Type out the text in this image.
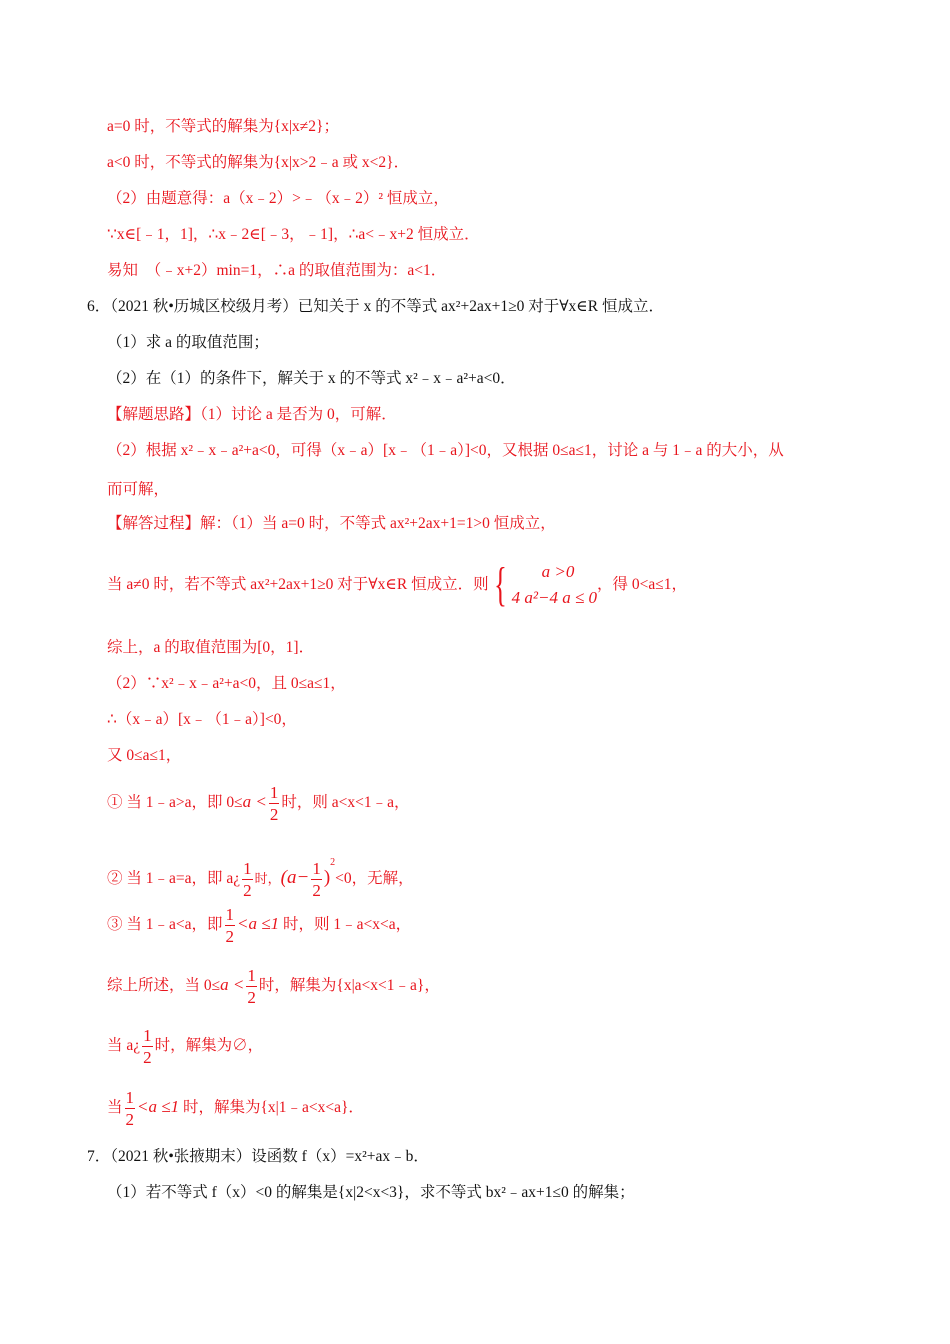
a=0 时，不等式的解集为{x|x≠2}；
a<0 时，不等式的解集为{x|x>2﹣a 或 x<2}．
（2）由题意得：a（x﹣2）>﹣（x﹣2）² 恒成立，
∵x∈[﹣1，1]，∴x﹣2∈[﹣3，﹣1]，∴a<﹣x+2 恒成立．
易知　（﹣x+2）min=1，∴a 的取值范围为：a<1．
6．（2021 秋•历城区校级月考）已知关于 x 的不等式 ax²+2ax+1≥0 对于∀x∈R 恒成立．
（1）求 a 的取值范围；
（2）在（1）的条件下，解关于 x 的不等式 x²﹣x﹣a²+a<0．
【解题思路】（1）讨论 a 是否为 0，可解．
（2）根据 x²﹣x﹣a²+a<0，可得（x﹣a）[x﹣（1﹣a）]<0，又根据 0≤a≤1，讨论 a 与 1﹣a 的大小，从
而可解，
【解答过程】解：（1）当 a=0 时，不等式 ax²+2ax+1=1>0 恒成立，
当 a≠0 时，若不等式 ax²+2ax+1≥0 对于∀x∈R 恒成立．则 {	a >0
4 a²−4 a ≤ 0
，得 0<a≤1，
综上，a 的取值范围为[0，1]．
（2）∵x²﹣x﹣a²+a<0，且 0≤a≤1，
∴（x﹣a）[x﹣（1﹣a）]<0，
又 0≤a≤1，
① 当 1﹣a>a，即 $0\le a < \frac{1}{2}$ 时，则 a<x<1﹣a，
② 当 1﹣a=a，即 a¿ $\frac{1}{2}$ 时，$(a- \frac{1}{2} )^2<0$，无解，
③ 当 1﹣a<a，即 $\frac{1}{2} <a \le 1$ 时，则 1﹣a<x<a，
综上所述，当 $0\le a < \frac{1}{2}$ 时，解集为{x|a<x<1﹣a}，
当 a¿ $\frac{1}{2}$ 时，解集为∅，
当 $\frac{1}{2} <a \le 1$ 时，解集为{x|1﹣a<x<a}．
7．（2021 秋•张掖期末）设函数 f（x）=x²+ax﹣b．
（1）若不等式 f（x）<0 的解集是{x|2<x<3}，求不等式 bx²﹣ax+1≤0 的解集；
